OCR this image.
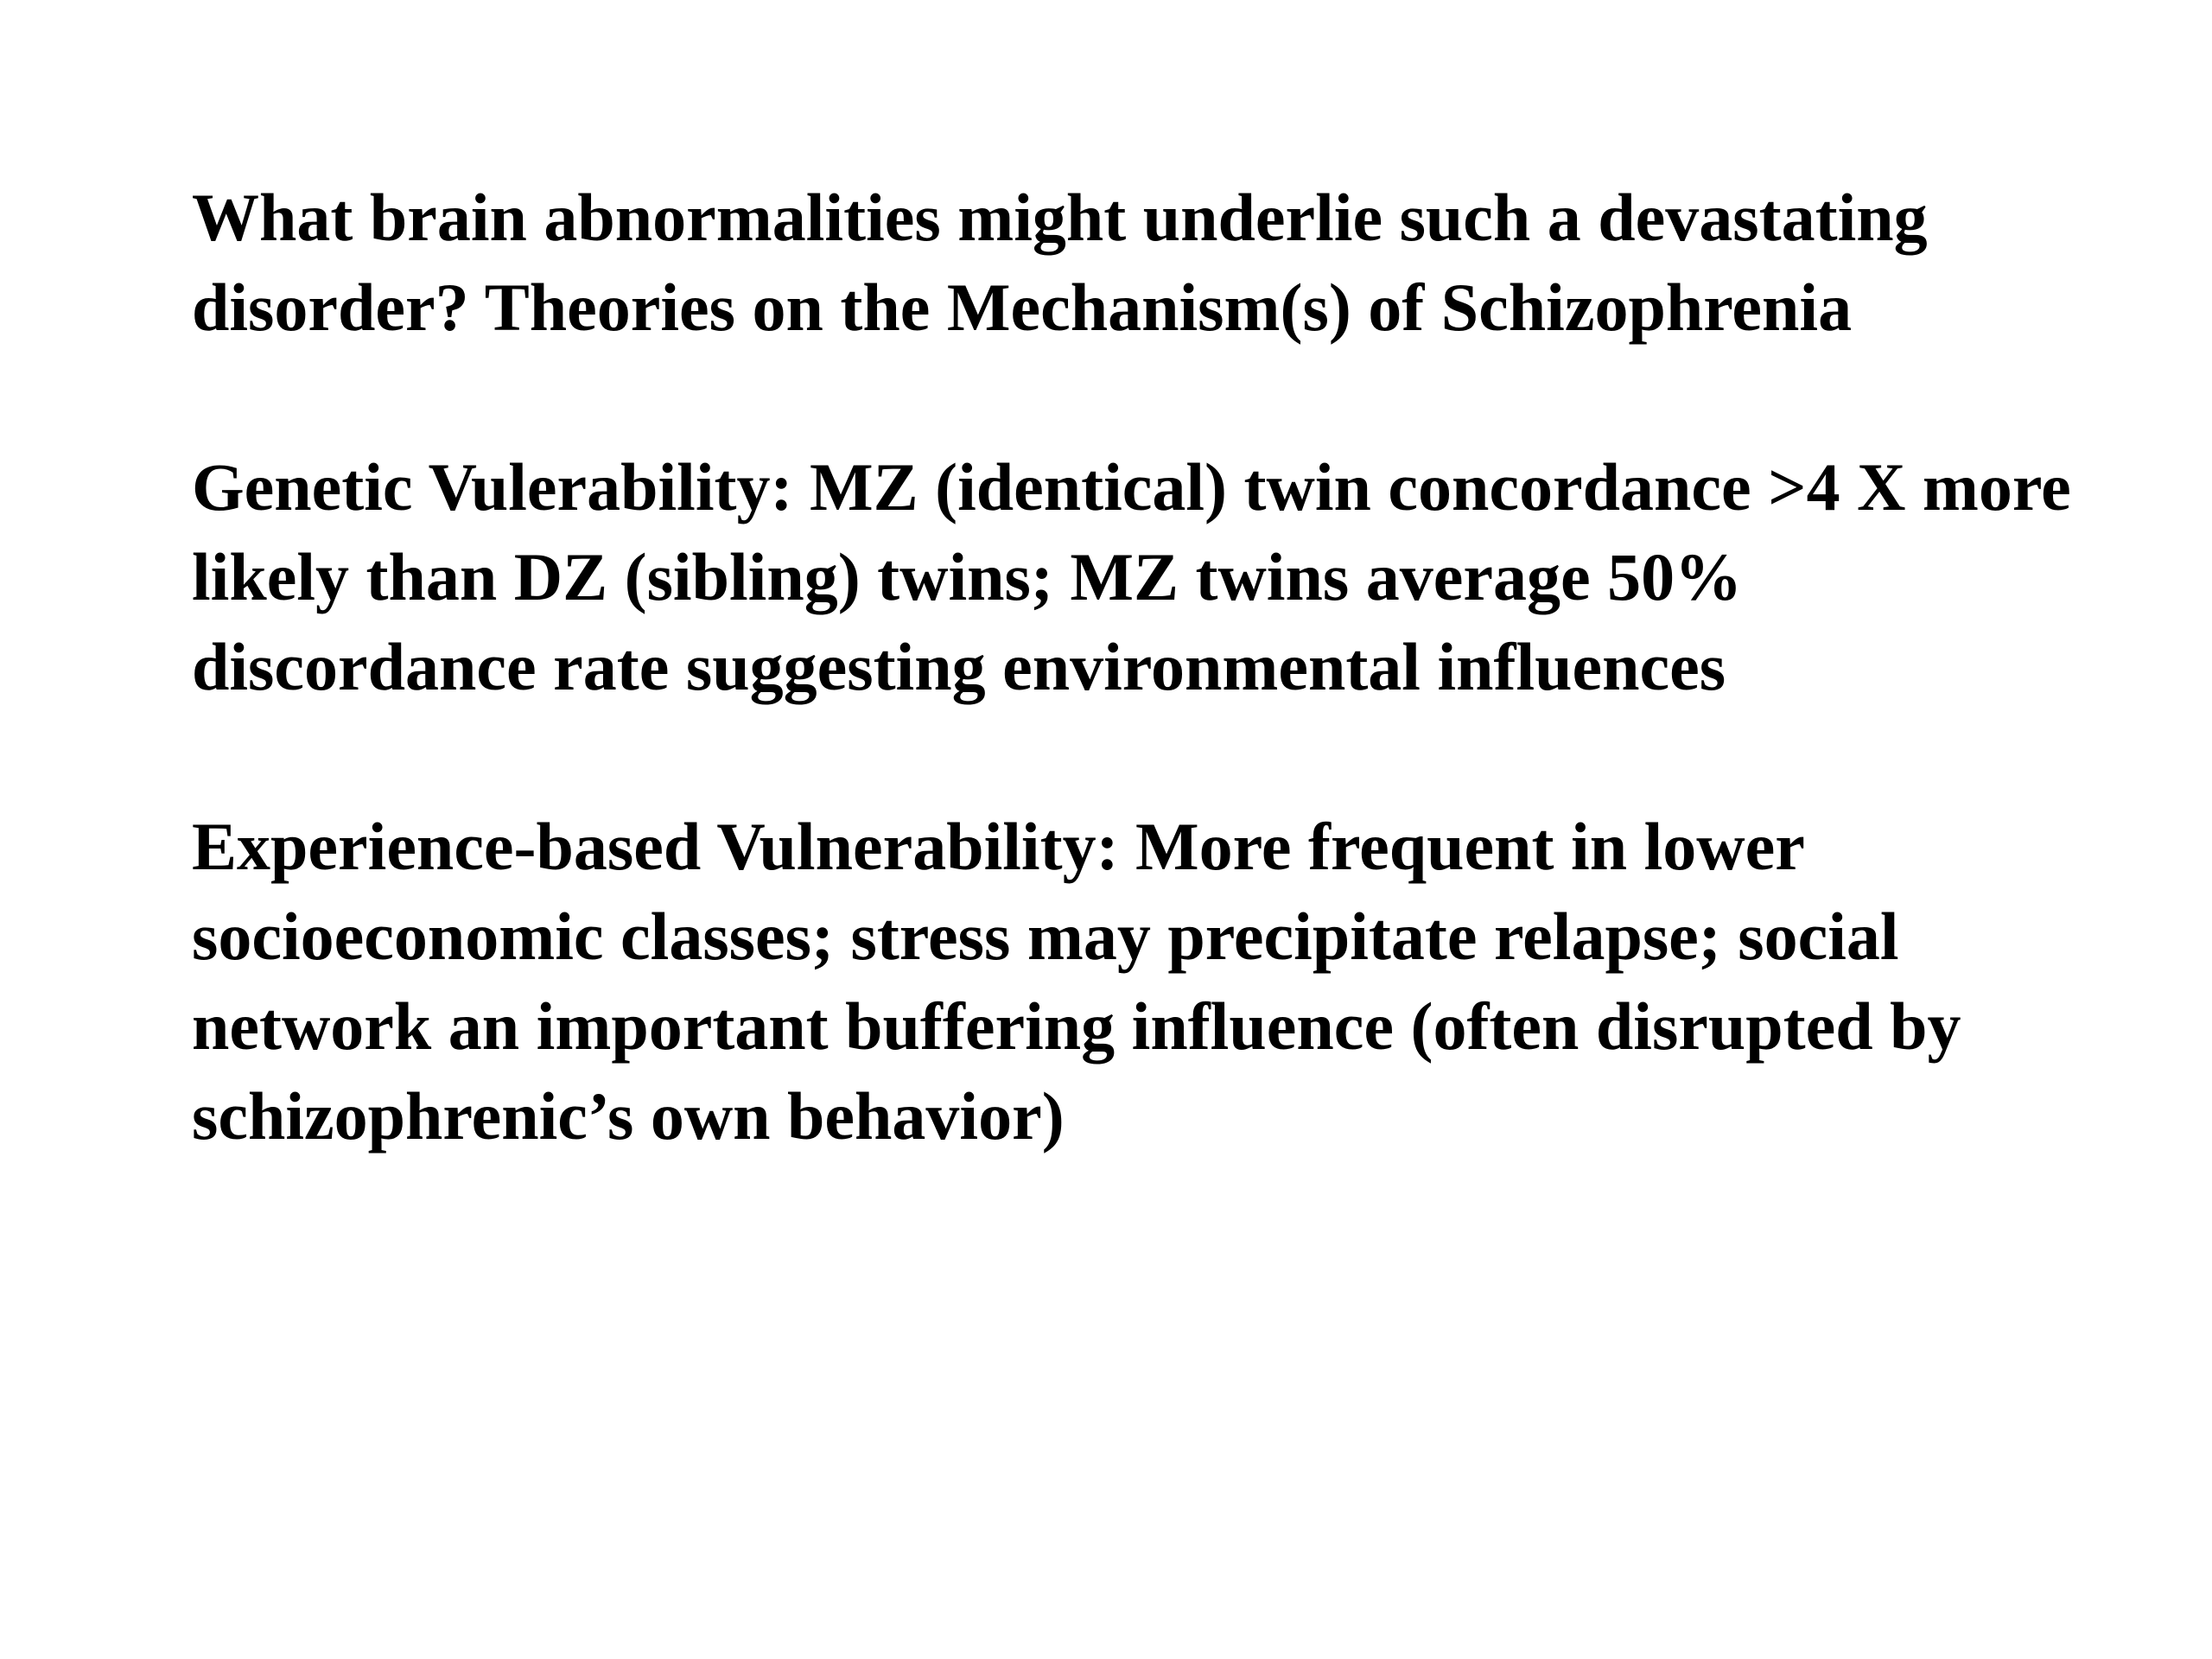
What brain abnormalities might underlie such a devastating disorder? Theories on the Mechanism(s) of Schizophrenia

Genetic Vulerability: MZ (identical) twin concordance >4 X more likely than DZ (sibling) twins; MZ twins average 50% discordance rate suggesting environmental influences

Experience-based Vulnerability: More frequent in lower socioeconomic classes; stress may precipitate relapse; social network an important buffering influence (often disrupted by schizophrenic’s own behavior)
